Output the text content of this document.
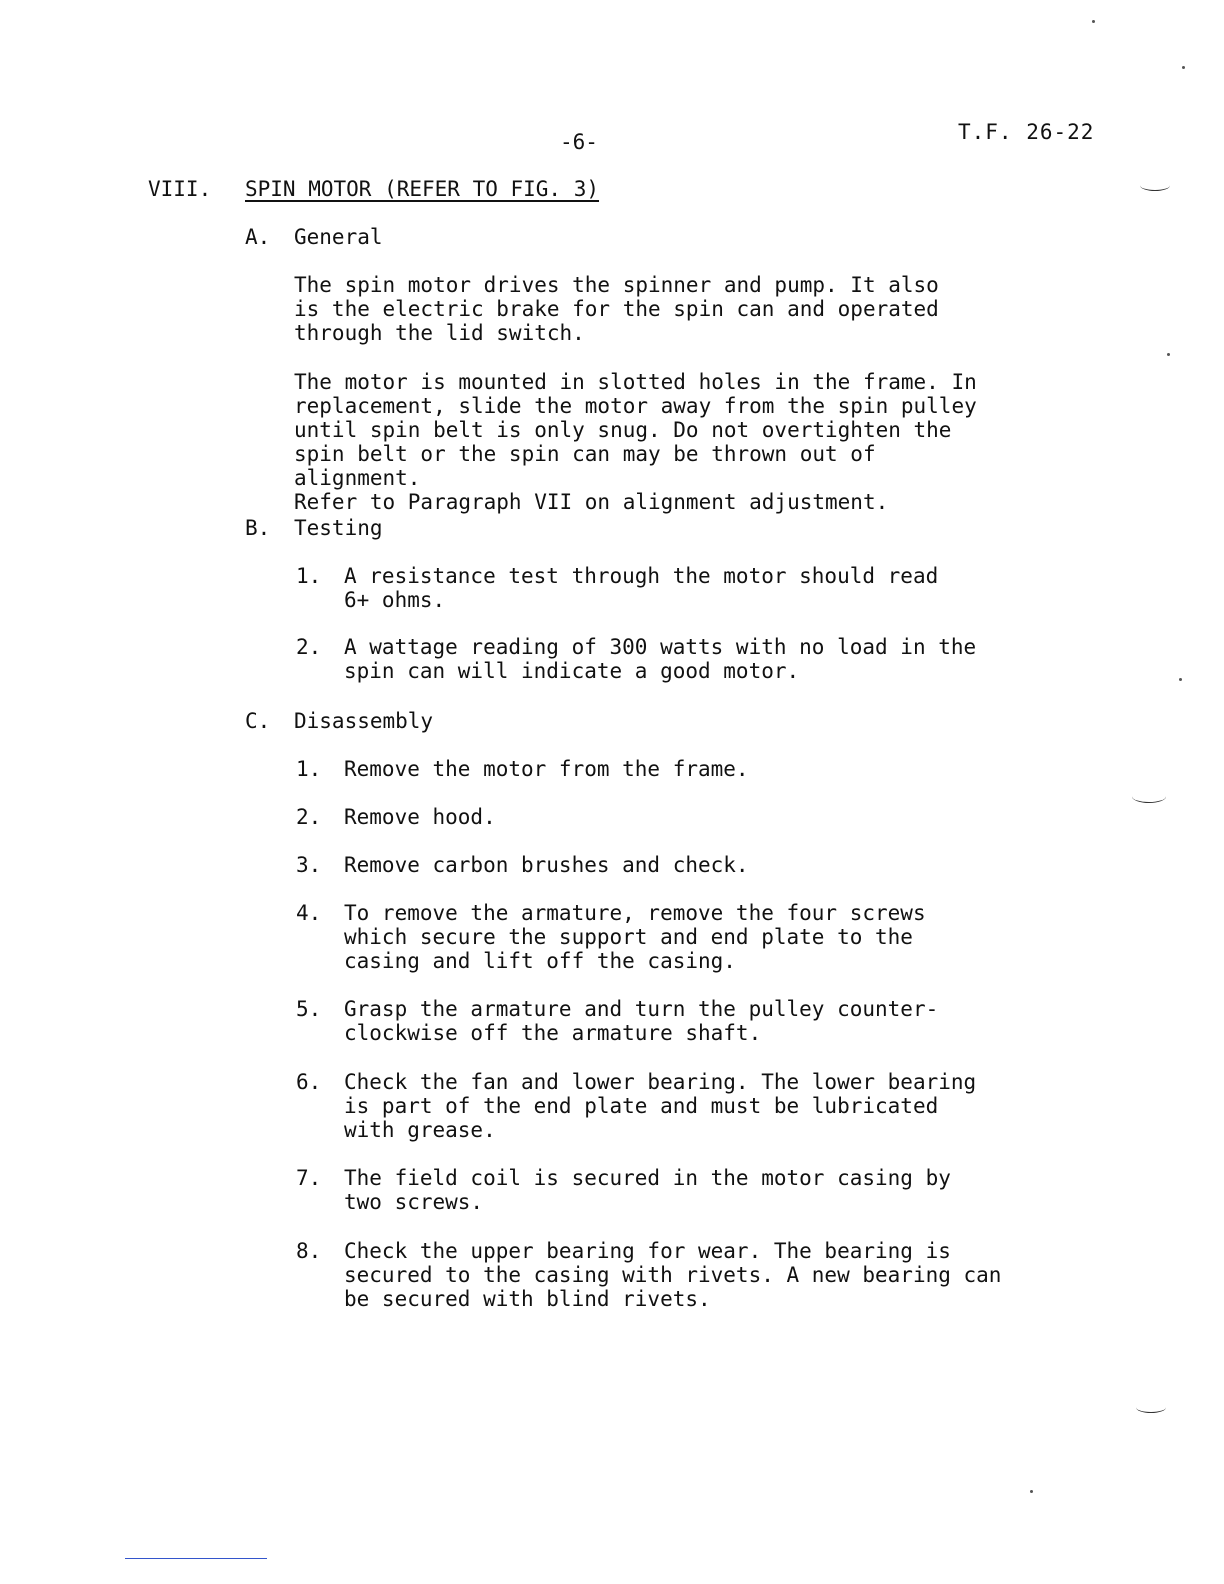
-6-	T.F. 26-22
VIII. SPIN MOTOR (REFER TO FIG. 3)
A. General

The spin motor drives the spinner and pump. It also
is the electric brake for the spin can and operated
through the lid switch.

The motor is mounted in slotted holes in the frame. In
replacement, slide the motor away from the spin pulley
until spin belt is only snug. Do not overtighten the
spin belt or the spin can may be thrown out of alignment.
Refer to Paragraph VII on alignment adjustment.

B. Testing
1. A resistance test through the motor should read
6+ ohms.

2. A wattage reading of 300 watts with no load in the
spin can will indicate a good motor.

C. Disassembly
1. Remove the motor from the frame.

2. Remove hood.

3. Remove carbon brushes and check.

4. To remove the armature, remove the four screws
which secure the support and end plate to the
casing and lift off the casing.

5. Grasp the armature and turn the pulley counter-
clockwise off the armature shaft.

6. Check the fan and lower bearing. The lower bearing
is part of the end plate and must be lubricated
with grease.

7. The field coil is secured in the motor casing by
two screws.

8. Check the upper bearing for wear. The bearing is
secured to the casing with rivets. A new bearing can
be secured with blind rivets.
